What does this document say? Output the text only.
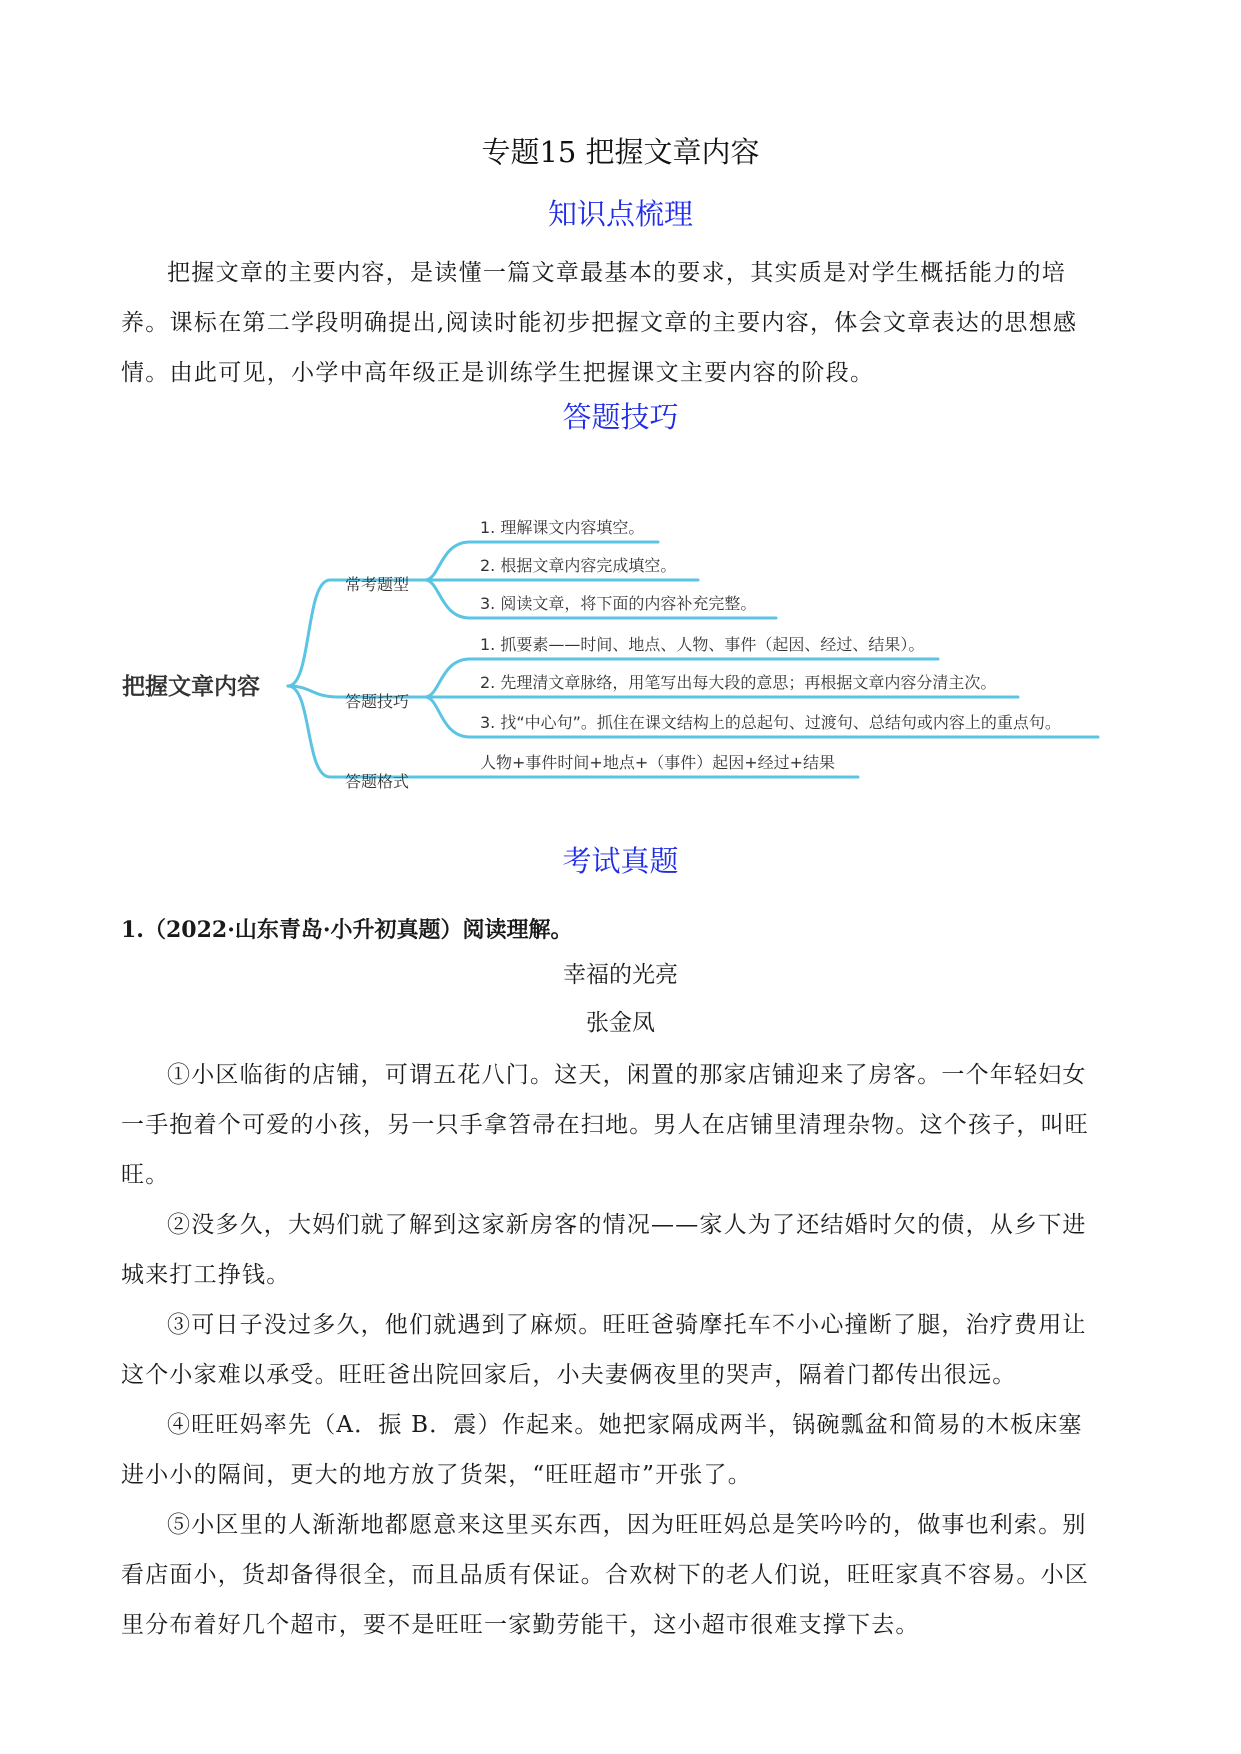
专题15 把握文章内容
知识点梳理
把握文章的主要内容，是读懂一篇文章最基本的要求，其实质是对学生概括能力的培
养。课标在第二学段明确提出,阅读时能初步把握文章的主要内容，体会文章表达的思想感
情。由此可见，小学中高年级正是训练学生把握课文主要内容的阶段。
答题技巧
把握文章内容
常考题型
答题技巧
答题格式
1. 理解课文内容填空。
2. 根据文章内容完成填空。
3. 阅读文章，将下面的内容补充完整。
1. 抓要素——时间、地点、人物、事件（起因、经过、结果）。
2. 先理清文章脉络，用笔写出每大段的意思；再根据文章内容分清主次。
3. 找“中心句”。抓住在课文结构上的总起句、过渡句、总结句或内容上的重点句。
人物+事件时间+地点+（事件）起因+经过+结果
考试真题
1.（2022·山东青岛·小升初真题）阅读理解。
幸福的光亮
张金凤
①小区临街的店铺，可谓五花八门。这天，闲置的那家店铺迎来了房客。一个年轻妇女
一手抱着个可爱的小孩，另一只手拿笤帚在扫地。男人在店铺里清理杂物。这个孩子，叫旺
旺。
②没多久，大妈们就了解到这家新房客的情况——家人为了还结婚时欠的债，从乡下进
城来打工挣钱。
③可日子没过多久，他们就遇到了麻烦。旺旺爸骑摩托车不小心撞断了腿，治疗费用让
这个小家难以承受。旺旺爸出院回家后，小夫妻俩夜里的哭声，隔着门都传出很远。
④旺旺妈率先（A．振 B．震）作起来。她把家隔成两半，锅碗瓢盆和简易的木板床塞
进小小的隔间，更大的地方放了货架，“旺旺超市”开张了。
⑤小区里的人渐渐地都愿意来这里买东西，因为旺旺妈总是笑吟吟的，做事也利索。别
看店面小，货却备得很全，而且品质有保证。合欢树下的老人们说，旺旺家真不容易。小区
里分布着好几个超市，要不是旺旺一家勤劳能干，这小超市很难支撑下去。
